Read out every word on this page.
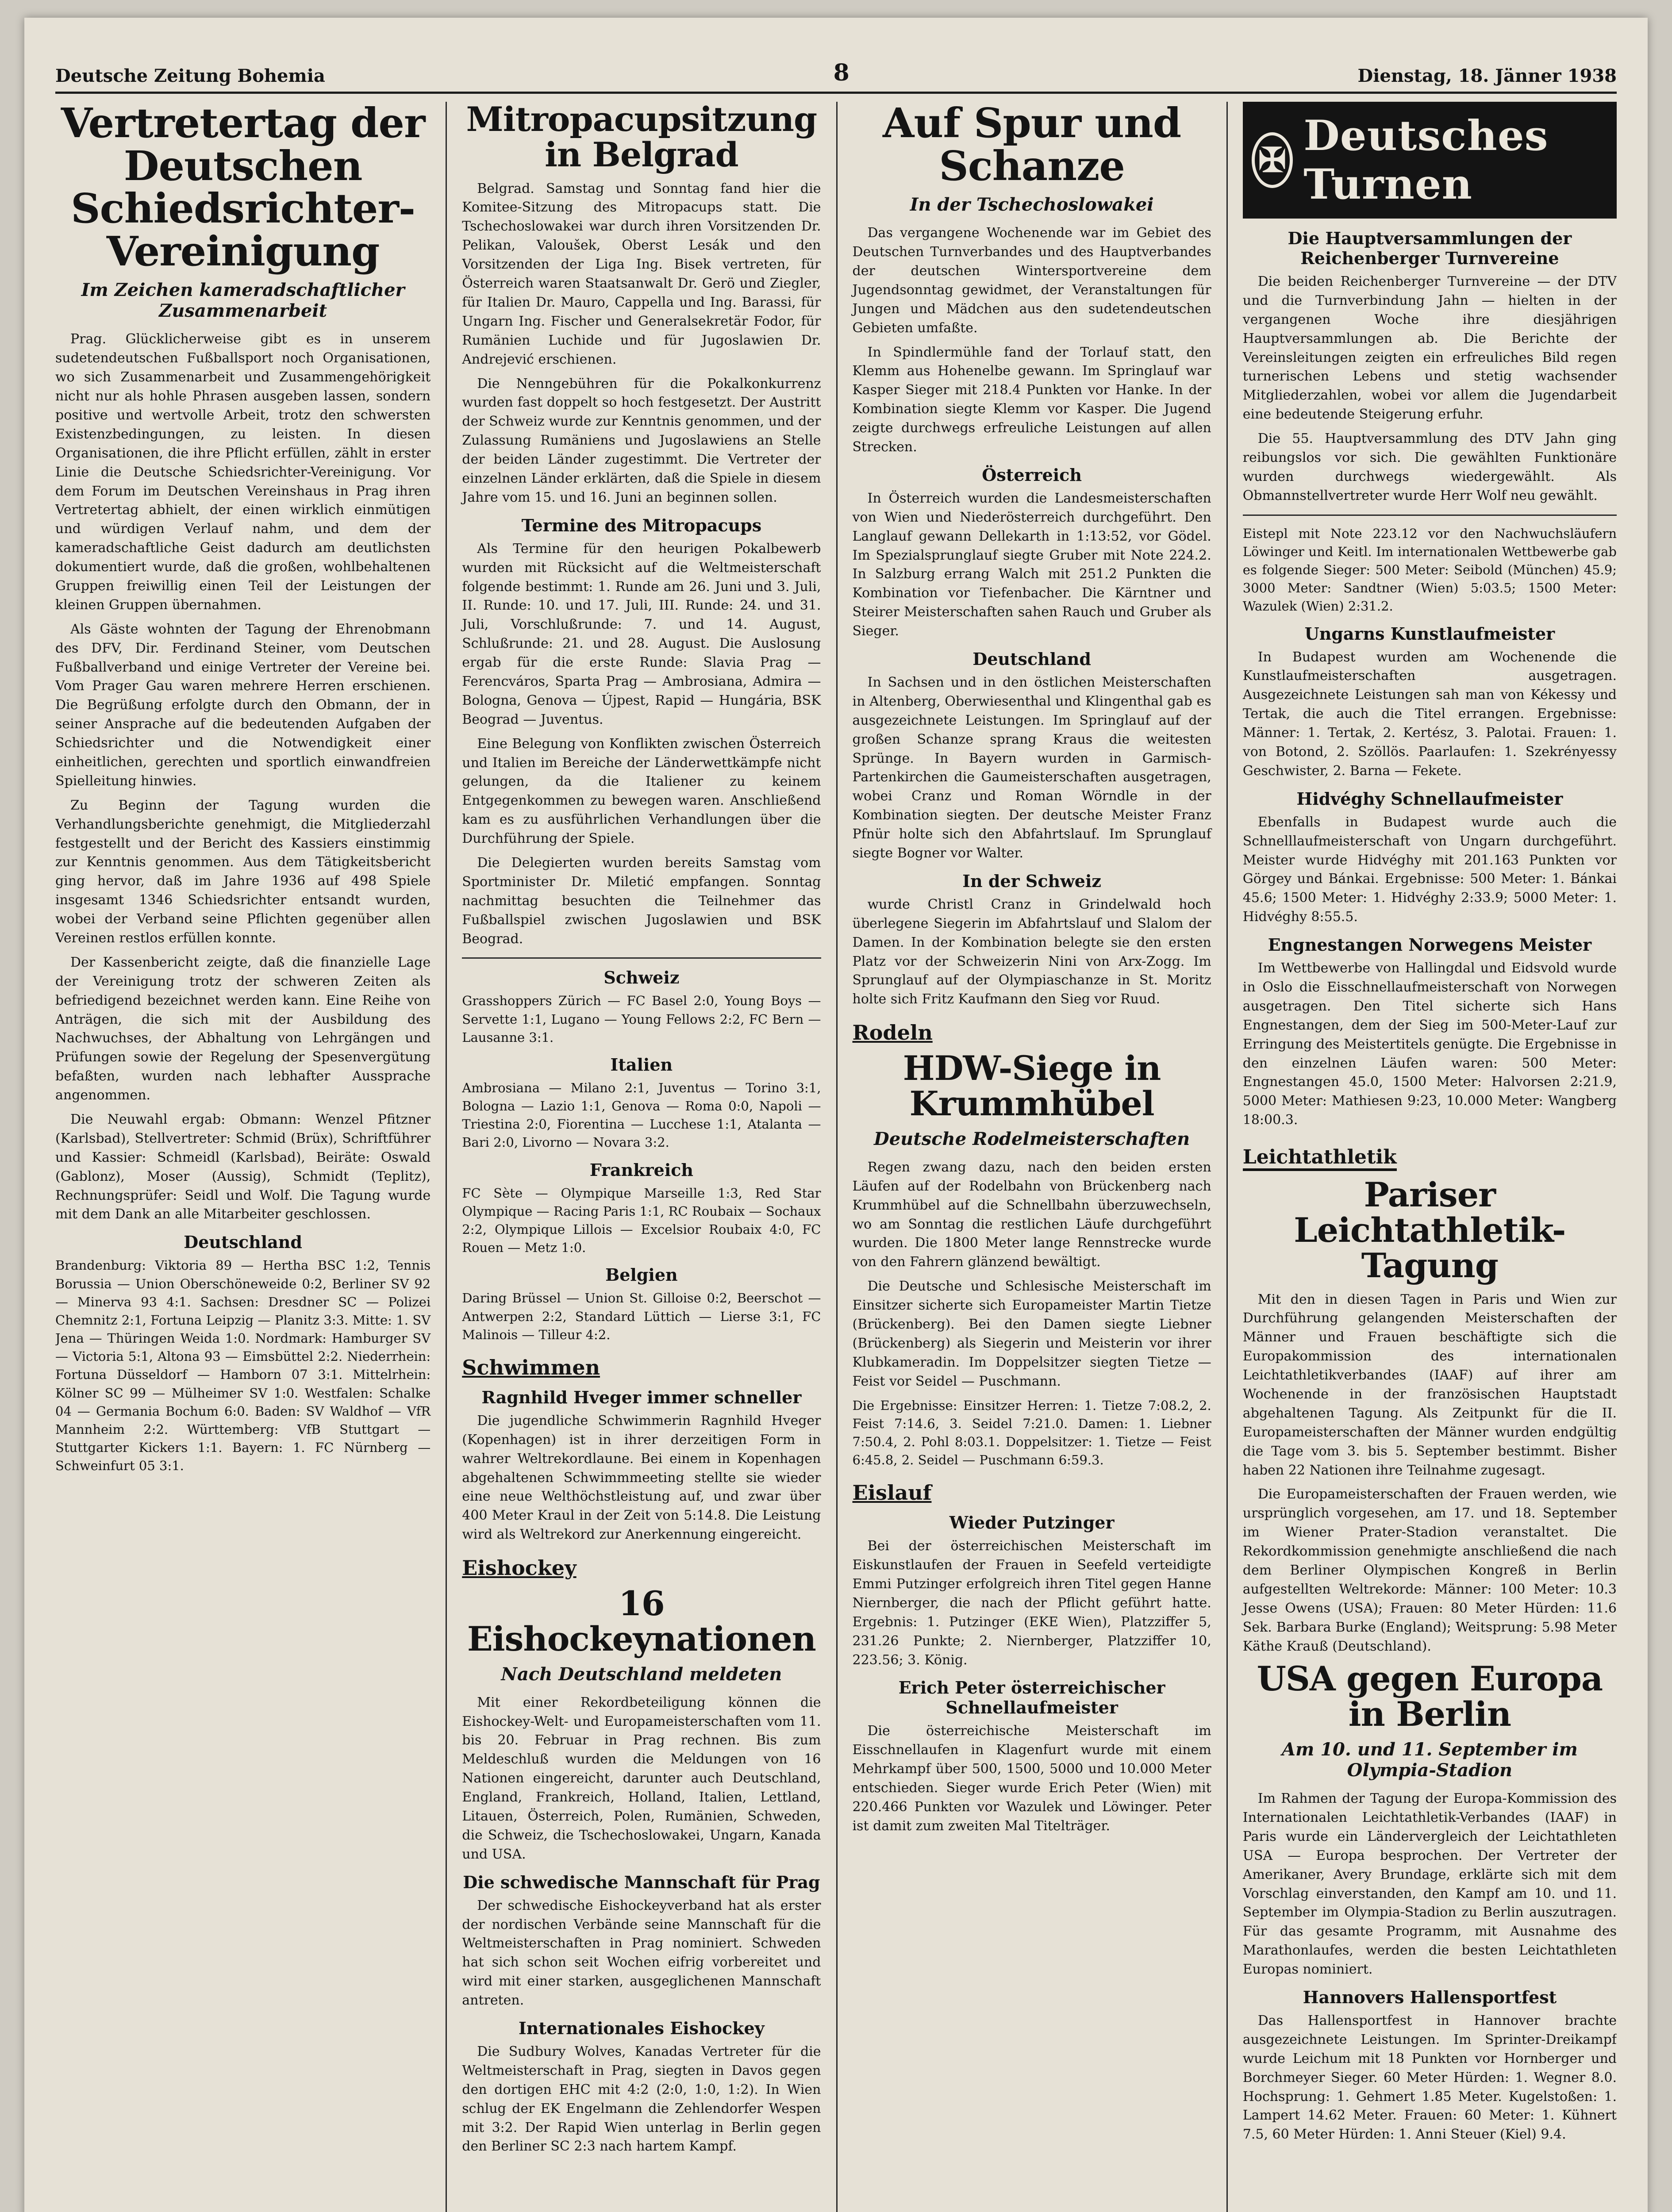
Deutsche Zeitung Bohemia	8	Dienstag, 18. Jänner 1938
Vertretertag der Deutschen
Schiedsrichter-Vereinigung
Im Zeichen kameradschaftlicher Zusammenarbeit

Prag. Glücklicherweise gibt es in unserem sudetendeutschen Fußballsport noch Organisationen, wo sich Zusammenarbeit und Zusammengehörigkeit nicht nur als hohle Phrasen ausgeben lassen, sondern positive und wertvolle Arbeit, trotz den schwersten Existenzbedingungen, zu leisten. In diesen Organisationen, die ihre Pflicht erfüllen, zählt in erster Linie die Deutsche Schiedsrichter-Vereinigung. Vor dem Forum im Deutschen Vereinshaus in Prag ihren Vertretertag abhielt, der einen wirklich einmütigen und würdigen Verlauf nahm, und dem der kameradschaftliche Geist dadurch am deutlichsten dokumentiert wurde, daß die großen, wohlbehaltenen Gruppen freiwillig einen Teil der Leistungen der kleinen Gruppen übernahmen.

Als Gäste wohnten der Tagung der Ehrenobmann des DFV, Dir. Ferdinand Steiner, vom Deutschen Fußballverband und einige Vertreter der Vereine bei. Vom Prager Gau waren mehrere Herren erschienen. Die Begrüßung erfolgte durch den Obmann, der in seiner Ansprache auf die bedeutenden Aufgaben der Schiedsrichter und die Notwendigkeit einer einheitlichen, gerechten und sportlich einwandfreien Spielleitung hinwies.

Zu Beginn der Tagung wurden die Verhandlungsberichte genehmigt, die Mitgliederzahl festgestellt und der Bericht des Kassiers einstimmig zur Kenntnis genommen. Aus dem Tätigkeitsbericht ging hervor, daß im Jahre 1936 auf 498 Spiele insgesamt 1346 Schiedsrichter entsandt wurden, wobei der Verband seine Pflichten gegenüber allen Vereinen restlos erfüllen konnte.

Der Kassenbericht zeigte, daß die finanzielle Lage der Vereinigung trotz der schweren Zeiten als befriedigend bezeichnet werden kann. Eine Reihe von Anträgen, die sich mit der Ausbildung des Nachwuchses, der Abhaltung von Lehrgängen und Prüfungen sowie der Regelung der Spesenvergütung befaßten, wurden nach lebhafter Aussprache angenommen.

Die Neuwahl ergab: Obmann: Wenzel Pfitzner (Karlsbad), Stellvertreter: Schmid (Brüx), Schriftführer und Kassier: Schmeidl (Karlsbad), Beiräte: Oswald (Gablonz), Moser (Aussig), Schmidt (Teplitz), Rechnungsprüfer: Seidl und Wolf. Die Tagung wurde mit dem Dank an alle Mitarbeiter geschlossen.

Deutschland

Brandenburg: Viktoria 89 — Hertha BSC 1:2, Tennis Borussia — Union Oberschöneweide 0:2, Berliner SV 92 — Minerva 93 4:1. Sachsen: Dresdner SC — Polizei Chemnitz 2:1, Fortuna Leipzig — Planitz 3:3. Mitte: 1. SV Jena — Thüringen Weida 1:0. Nordmark: Hamburger SV — Victoria 5:1, Altona 93 — Eimsbüttel 2:2. Niederrhein: Fortuna Düsseldorf — Hamborn 07 3:1. Mittelrhein: Kölner SC 99 — Mülheimer SV 1:0. Westfalen: Schalke 04 — Germania Bochum 6:0. Baden: SV Waldhof — VfR Mannheim 2:2. Württemberg: VfB Stuttgart — Stuttgarter Kickers 1:1. Bayern: 1. FC Nürnberg — Schweinfurt 05 3:1.

Mitropacupsitzung in Belgrad

Belgrad. Samstag und Sonntag fand hier die Komitee-Sitzung des Mitropacups statt. Die Tschechoslowakei war durch ihren Vorsitzenden Dr. Pelikan, Valoušek, Oberst Lesák und den Vorsitzenden der Liga Ing. Bisek vertreten, für Österreich waren Staatsanwalt Dr. Gerö und Ziegler, für Italien Dr. Mauro, Cappella und Ing. Barassi, für Ungarn Ing. Fischer und Generalsekretär Fodor, für Rumänien Luchide und für Jugoslawien Dr. Andrejević erschienen.

Die Nenngebühren für die Pokalkonkurrenz wurden fast doppelt so hoch festgesetzt. Der Austritt der Schweiz wurde zur Kenntnis genommen, und der Zulassung Rumäniens und Jugoslawiens an Stelle der beiden Länder zugestimmt. Die Vertreter der einzelnen Länder erklärten, daß die Spiele in diesem Jahre vom 15. und 16. Juni an beginnen sollen.

Termine des Mitropacups

Als Termine für den heurigen Pokalbewerb wurden mit Rücksicht auf die Weltmeisterschaft folgende bestimmt: 1. Runde am 26. Juni und 3. Juli, II. Runde: 10. und 17. Juli, III. Runde: 24. und 31. Juli, Vorschlußrunde: 7. und 14. August, Schlußrunde: 21. und 28. August. Die Auslosung ergab für die erste Runde: Slavia Prag — Ferencváros, Sparta Prag — Ambrosiana, Admira — Bologna, Genova — Újpest, Rapid — Hungária, BSK Beograd — Juventus.

Eine Belegung von Konflikten zwischen Österreich und Italien im Bereiche der Länderwettkämpfe nicht gelungen, da die Italiener zu keinem Entgegenkommen zu bewegen waren. Anschließend kam es zu ausführlichen Verhandlungen über die Durchführung der Spiele.

Die Delegierten wurden bereits Samstag vom Sportminister Dr. Miletić empfangen. Sonntag nachmittag besuchten die Teilnehmer das Fußballspiel zwischen Jugoslawien und BSK Beograd.

Schweiz

Grasshoppers Zürich — FC Basel 2:0, Young Boys — Servette 1:1, Lugano — Young Fellows 2:2, FC Bern — Lausanne 3:1.

Italien

Ambrosiana — Milano 2:1, Juventus — Torino 3:1, Bologna — Lazio 1:1, Genova — Roma 0:0, Napoli — Triestina 2:0, Fiorentina — Lucchese 1:1, Atalanta — Bari 2:0, Livorno — Novara 3:2.

Frankreich

FC Sète — Olympique Marseille 1:3, Red Star Olympique — Racing Paris 1:1, RC Roubaix — Sochaux 2:2, Olympique Lillois — Excelsior Roubaix 4:0, FC Rouen — Metz 1:0.

Belgien

Daring Brüssel — Union St. Gilloise 0:2, Beerschot — Antwerpen 2:2, Standard Lüttich — Lierse 3:1, FC Malinois — Tilleur 4:2.

Schwimmen
Ragnhild Hveger immer schneller

Die jugendliche Schwimmerin Ragnhild Hveger (Kopenhagen) ist in ihrer derzeitigen Form in wahrer Weltrekordlaune. Bei einem in Kopenhagen abgehaltenen Schwimmmeeting stellte sie wieder eine neue Welthöchstleistung auf, und zwar über 400 Meter Kraul in der Zeit von 5:14.8. Die Leistung wird als Weltrekord zur Anerkennung eingereicht.

Eishockey
16 Eishockeynationen
Nach Deutschland meldeten

Mit einer Rekordbeteiligung können die Eishockey-Welt- und Europameisterschaften vom 11. bis 20. Februar in Prag rechnen. Bis zum Meldeschluß wurden die Meldungen von 16 Nationen eingereicht, darunter auch Deutschland, England, Frankreich, Holland, Italien, Lettland, Litauen, Österreich, Polen, Rumänien, Schweden, die Schweiz, die Tschechoslowakei, Ungarn, Kanada und USA.

Die schwedische Mannschaft für Prag

Der schwedische Eishockeyverband hat als erster der nordischen Verbände seine Mannschaft für die Weltmeisterschaften in Prag nominiert. Schweden hat sich schon seit Wochen eifrig vorbereitet und wird mit einer starken, ausgeglichenen Mannschaft antreten.

Internationales Eishockey

Die Sudbury Wolves, Kanadas Vertreter für die Weltmeisterschaft in Prag, siegten in Davos gegen den dortigen EHC mit 4:2 (2:0, 1:0, 1:2). In Wien schlug der EK Engelmann die Zehlendorfer Wespen mit 3:2. Der Rapid Wien unterlag in Berlin gegen den Berliner SC 2:3 nach hartem Kampf.

Auf Spur und Schanze
In der Tschechoslowakei

Das vergangene Wochenende war im Gebiet des Deutschen Turnverbandes und des Hauptverbandes der deutschen Wintersportvereine dem Jugendsonntag gewidmet, der Veranstaltungen für Jungen und Mädchen aus den sudetendeutschen Gebieten umfaßte.

In Spindlermühle fand der Torlauf statt, den Klemm aus Hohenelbe gewann. Im Springlauf war Kasper Sieger mit 218.4 Punkten vor Hanke. In der Kombination siegte Klemm vor Kasper. Die Jugend zeigte durchwegs erfreuliche Leistungen auf allen Strecken.

Österreich

In Österreich wurden die Landesmeisterschaften von Wien und Niederösterreich durchgeführt. Den Langlauf gewann Dellekarth in 1:13:52, vor Gödel. Im Spezialsprunglauf siegte Gruber mit Note 224.2. In Salzburg errang Walch mit 251.2 Punkten die Kombination vor Tiefenbacher. Die Kärntner und Steirer Meisterschaften sahen Rauch und Gruber als Sieger.

Deutschland

In Sachsen und in den östlichen Meisterschaften in Altenberg, Oberwiesenthal und Klingenthal gab es ausgezeichnete Leistungen. Im Springlauf auf der großen Schanze sprang Kraus die weitesten Sprünge. In Bayern wurden in Garmisch-Partenkirchen die Gaumeisterschaften ausgetragen, wobei Cranz und Roman Wörndle in der Kombination siegten. Der deutsche Meister Franz Pfnür holte sich den Abfahrtslauf. Im Sprunglauf siegte Bogner vor Walter.

In der Schweiz

wurde Christl Cranz in Grindelwald hoch überlegene Siegerin im Abfahrtslauf und Slalom der Damen. In der Kombination belegte sie den ersten Platz vor der Schweizerin Nini von Arx-Zogg. Im Sprunglauf auf der Olympiaschanze in St. Moritz holte sich Fritz Kaufmann den Sieg vor Ruud.

Rodeln
HDW-Siege in Krummhübel
Deutsche Rodelmeisterschaften

Regen zwang dazu, nach den beiden ersten Läufen auf der Rodelbahn von Brückenberg nach Krummhübel auf die Schnellbahn überzuwechseln, wo am Sonntag die restlichen Läufe durchgeführt wurden. Die 1800 Meter lange Rennstrecke wurde von den Fahrern glänzend bewältigt.

Die Deutsche und Schlesische Meisterschaft im Einsitzer sicherte sich Europameister Martin Tietze (Brückenberg). Bei den Damen siegte Liebner (Brückenberg) als Siegerin und Meisterin vor ihrer Klubkameradin. Im Doppelsitzer siegten Tietze — Feist vor Seidel — Puschmann.

Die Ergebnisse: Einsitzer Herren: 1. Tietze 7:08.2, 2. Feist 7:14.6, 3. Seidel 7:21.0. Damen: 1. Liebner 7:50.4, 2. Pohl 8:03.1. Doppelsitzer: 1. Tietze — Feist 6:45.8, 2. Seidel — Puschmann 6:59.3.

Eislauf
Wieder Putzinger

Bei der österreichischen Meisterschaft im Eiskunstlaufen der Frauen in Seefeld verteidigte Emmi Putzinger erfolgreich ihren Titel gegen Hanne Niernberger, die nach der Pflicht geführt hatte. Ergebnis: 1. Putzinger (EKE Wien), Platzziffer 5, 231.26 Punkte; 2. Niernberger, Platzziffer 10, 223.56; 3. König.

Erich Peter österreichischer Schnellaufmeister

Die österreichische Meisterschaft im Eisschnellaufen in Klagenfurt wurde mit einem Mehrkampf über 500, 1500, 5000 und 10.000 Meter entschieden. Sieger wurde Erich Peter (Wien) mit 220.466 Punkten vor Wazulek und Löwinger. Peter ist damit zum zweiten Mal Titelträger.

✠ Deutsches Turnen
Die Hauptversammlungen der Reichenberger Turnvereine

Die beiden Reichenberger Turnvereine — der DTV und die Turnverbindung Jahn — hielten in der vergangenen Woche ihre diesjährigen Hauptversammlungen ab. Die Berichte der Vereinsleitungen zeigten ein erfreuliches Bild regen turnerischen Lebens und stetig wachsender Mitgliederzahlen, wobei vor allem die Jugendarbeit eine bedeutende Steigerung erfuhr.

Die 55. Hauptversammlung des DTV Jahn ging reibungslos vor sich. Die gewählten Funktionäre wurden durchwegs wiedergewählt. Als Obmannstellvertreter wurde Herr Wolf neu gewählt.

Eistepl mit Note 223.12 vor den Nachwuchsläufern Löwinger und Keitl. Im internationalen Wettbewerbe gab es folgende Sieger: 500 Meter: Seibold (München) 45.9; 3000 Meter: Sandtner (Wien) 5:03.5; 1500 Meter: Wazulek (Wien) 2:31.2.

Ungarns Kunstlaufmeister

In Budapest wurden am Wochenende die Kunstlaufmeisterschaften ausgetragen. Ausgezeichnete Leistungen sah man von Kékessy und Tertak, die auch die Titel errangen. Ergebnisse: Männer: 1. Tertak, 2. Kertész, 3. Palotai. Frauen: 1. von Botond, 2. Szöllös. Paarlaufen: 1. Szekrényessy Geschwister, 2. Barna — Fekete.

Hidvéghy Schnellaufmeister

Ebenfalls in Budapest wurde auch die Schnelllaufmeisterschaft von Ungarn durchgeführt. Meister wurde Hidvéghy mit 201.163 Punkten vor Görgey und Bánkai. Ergebnisse: 500 Meter: 1. Bánkai 45.6; 1500 Meter: 1. Hidvéghy 2:33.9; 5000 Meter: 1. Hidvéghy 8:55.5.

Engnestangen Norwegens Meister

Im Wettbewerbe von Hallingdal und Eidsvold wurde in Oslo die Eisschnellaufmeisterschaft von Norwegen ausgetragen. Den Titel sicherte sich Hans Engnestangen, dem der Sieg im 500-Meter-Lauf zur Erringung des Meistertitels genügte. Die Ergebnisse in den einzelnen Läufen waren: 500 Meter: Engnestangen 45.0, 1500 Meter: Halvorsen 2:21.9, 5000 Meter: Mathiesen 9:23, 10.000 Meter: Wangberg 18:00.3.

Leichtathletik
Pariser Leichtathletik-Tagung

Mit den in diesen Tagen in Paris und Wien zur Durchführung gelangenden Meisterschaften der Männer und Frauen beschäftigte sich die Europakommission des internationalen Leichtathletikverbandes (IAAF) auf ihrer am Wochenende in der französischen Hauptstadt abgehaltenen Tagung. Als Zeitpunkt für die II. Europameisterschaften der Männer wurden endgültig die Tage vom 3. bis 5. September bestimmt. Bisher haben 22 Nationen ihre Teilnahme zugesagt.

Die Europameisterschaften der Frauen werden, wie ursprünglich vorgesehen, am 17. und 18. September im Wiener Prater-Stadion veranstaltet. Die Rekordkommission genehmigte anschließend die nach dem Berliner Olympischen Kongreß in Berlin aufgestellten Weltrekorde: Männer: 100 Meter: 10.3 Jesse Owens (USA); Frauen: 80 Meter Hürden: 11.6 Sek. Barbara Burke (England); Weitsprung: 5.98 Meter Käthe Krauß (Deutschland).

USA gegen Europa in Berlin
Am 10. und 11. September im Olympia-Stadion

Im Rahmen der Tagung der Europa-Kommission des Internationalen Leichtathletik-Verbandes (IAAF) in Paris wurde ein Ländervergleich der Leichtathleten USA — Europa besprochen. Der Vertreter der Amerikaner, Avery Brundage, erklärte sich mit dem Vorschlag einverstanden, den Kampf am 10. und 11. September im Olympia-Stadion zu Berlin auszutragen. Für das gesamte Programm, mit Ausnahme des Marathonlaufes, werden die besten Leichtathleten Europas nominiert.

Hannovers Hallensportfest

Das Hallensportfest in Hannover brachte ausgezeichnete Leistungen. Im Sprinter-Dreikampf wurde Leichum mit 18 Punkten vor Hornberger und Borchmeyer Sieger. 60 Meter Hürden: 1. Wegner 8.0. Hochsprung: 1. Gehmert 1.85 Meter. Kugelstoßen: 1. Lampert 14.62 Meter. Frauen: 60 Meter: 1. Kühnert 7.5, 60 Meter Hürden: 1. Anni Steuer (Kiel) 9.4.
